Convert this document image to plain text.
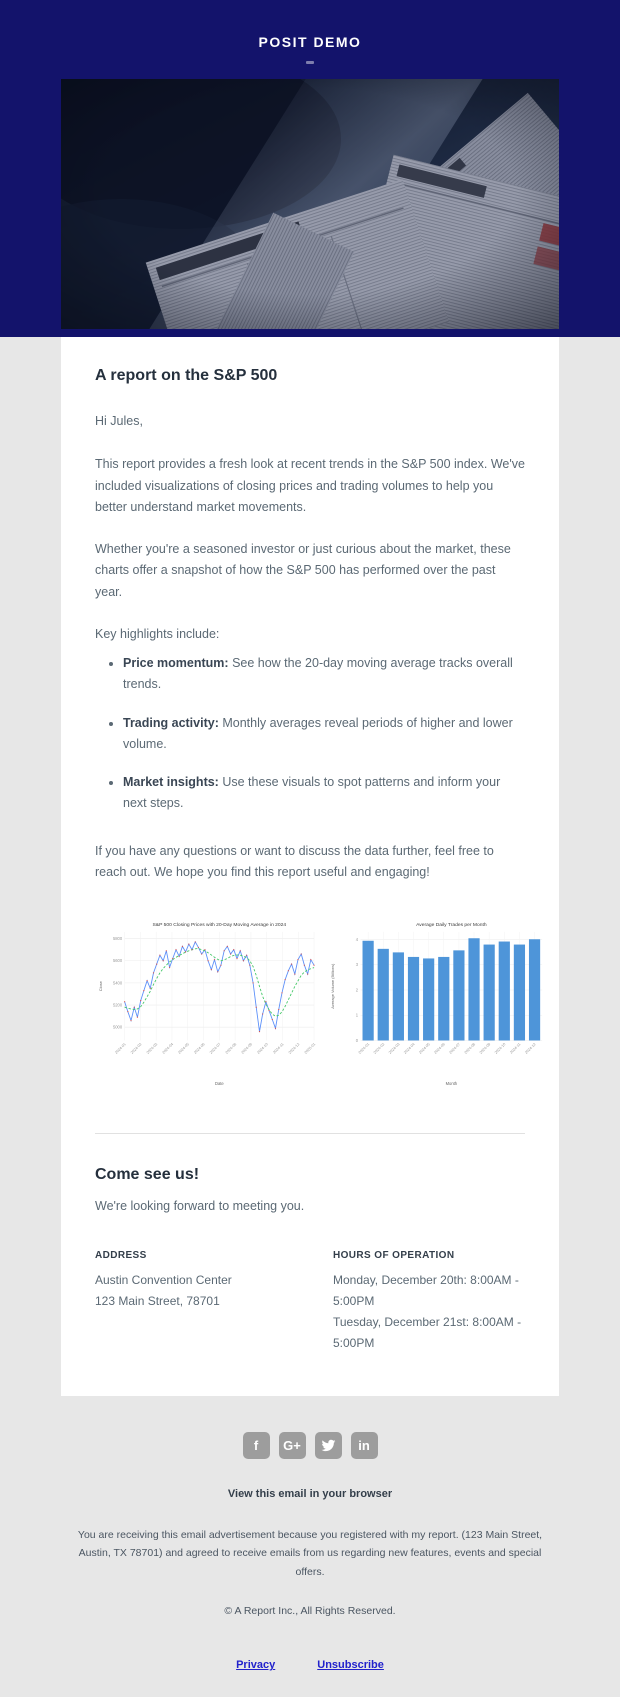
POSIT DEMO
A report on the S&P 500

Hi Jules,

This report provides a fresh look at recent trends in the S&P 500 index. We've included visualizations of closing prices and trading volumes to help you better understand market movements.

Whether you're a seasoned investor or just curious about the market, these charts offer a snapshot of how the S&P 500 has performed over the past year.

Key highlights include:

• Price momentum: See how the 20-day moving average tracks overall trends.
• Trading activity: Monthly averages reveal periods of higher and lower volume.
• Market insights: Use these visuals to spot patterns and inform your next steps.

If you have any questions or want to discuss the data further, feel free to reach out. We hope you find this report useful and engaging!

5000
5200
5400
5600
5800
S&P 500 Closing Prices with 20-Day Moving Average in 2024
Close
Date
2024-01 2024-02 2024-03 2024-04 2024-05 2024-06 2024-07 2024-08 2024-09 2024-10 2024-11 2024-12 2025-01
0
1
2
3
4
Average Daily Trades per Month
Average Volume (Billions)
Month
2024-01 2024-02 2024-03 2024-04 2024-05 2024-06 2024-07 2024-08 2024-09 2024-10 2024-11 2024-12
Come see us!

We're looking forward to meeting you.

ADDRESS
Austin Convention Center
123 Main Street, 78701
HOURS OF OPERATION
Monday, December 20th: 8:00AM - 5:00PM
Tuesday, December 21st: 8:00AM - 5:00PM
f G+	in
View this email in your browser

You are receiving this email advertisement because you registered with my report. (123 Main Street, Austin, TX 78701) and agreed to receive emails from us regarding new features, events and special offers.

© A Report Inc., All Rights Reserved.
Privacy	Unsubscribe
